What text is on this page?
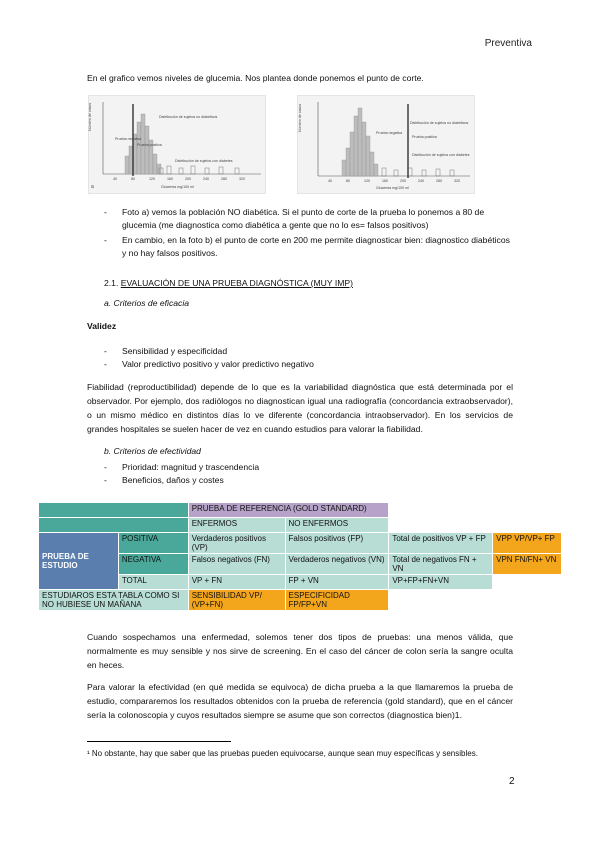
Preventiva
En el grafico vemos niveles de glucemia. Nos plantea donde ponemos el punto de corte.
Número de casos	Distribución de sujetos no diabéticos
Distribución de sujetos con diabetes
Prueba negativa
Prueba positiva
Glucemia mg/100 ml
a
40	80	120	160	200	240	280	320
Número de casos	Distribución de sujetos no diabéticos
Distribución de sujetos con diabetes
Prueba negativa
Prueba positiva
Glucemia mg/100 ml
40	80	120	160	200	240	280	320
- Foto a) vemos la población NO diabética. Si el punto de corte de la prueba lo ponemos a 80 de glucemia (me diagnostica como diabética a gente que no lo es= falsos positivos)
- En cambio, en la foto b) el punto de corte en 200 me permite diagnosticar bien: diagnostico diabéticos y no hay falsos positivos.
2.1. EVALUACIÓN DE UNA PRUEBA DIAGNÓSTICA (MUY IMP)
a. Criterios de eficacia
Validez
- Sensibilidad y especificidad
- Valor predictivo positivo y valor predictivo negativo
Fiabilidad (reproductibilidad) depende de lo que es la variabilidad diagnóstica que está determinada por el observador. Por ejemplo, dos radiólogos no diagnostican igual una radiografía (concordancia extraobservador), o un mismo médico en distintos días lo ve diferente (concordancia intraobservador). En los servicios de grandes hospitales se suelen hacer de vez en cuando estudios para valorar la fiabilidad.
b. Criterios de efectividad
- Prioridad: magnitud y trascendencia
- Beneficios, daños y costes
		PRUEBA DE REFERENCIA (GOLD STANDARD)			
		ENFERMOS	NO ENFERMOS		
PRUEBA DE ESTUDIO	POSITIVA	Verdaderos positivos (VP)	Falsos positivos (FP)	Total de positivos VP + FP	VPP VP/VP+ FP
	NEGATIVA	Falsos negativos (FN)	Verdaderos negativos (VN)	Total de negativos FN + VN	VPN FN/FN+ VN
	TOTAL	VP + FN	FP + VN	VP+FP+FN+VN	
ESTUDIAROS ESTA TABLA COMO SI NO HUBIESE UN MAÑANA		SENSIBILIDAD VP/ (VP+FN)	ESPECIFICIDAD FP/FP+VN		
Cuando sospechamos una enfermedad, solemos tener dos tipos de pruebas: una menos válida, que normalmente es muy sensible y nos sirve de screening. En el caso del cáncer de colon sería la sangre oculta en heces.
Para valorar la efectividad (en qué medida se equivoca) de dicha prueba a la que llamaremos la prueba de estudio, compararemos los resultados obtenidos con la prueba de referencia (gold standard), que en el cáncer sería la colonoscopia y cuyos resultados siempre se asume que son correctos (diagnostica bien)1.
¹ No obstante, hay que saber que las pruebas pueden equivocarse, aunque sean muy específicas y sensibles.
2
